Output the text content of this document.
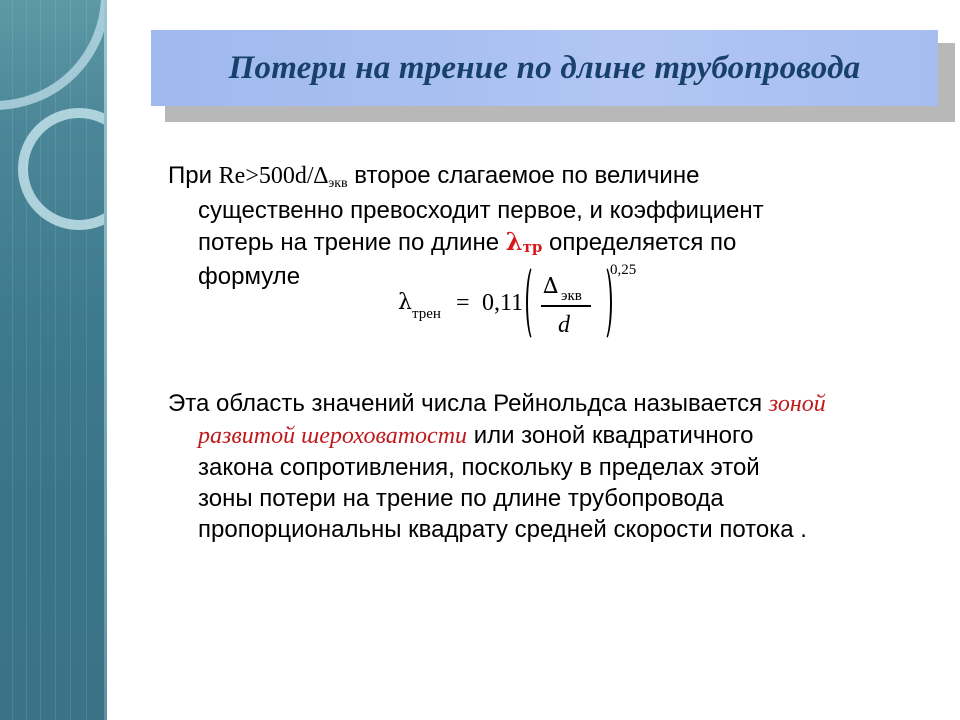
Потери на трение по длине трубопровода
При Re>500d/∆экв второе слагаемое по величине
существенно превосходит первое, и коэффициент
потерь на трение по длине $\lambda_{тр}$ определяется по
формуле
λ трен = 0,11
∆ экв
d
0,25
Эта область значений числа Рейнольдса называется зоной
развитой шероховатости или зоной квадратичного
закона сопротивления, поскольку в пределах этой
зоны потери на трение по длине трубопровода
пропорциональны квадрату средней скорости потока .
